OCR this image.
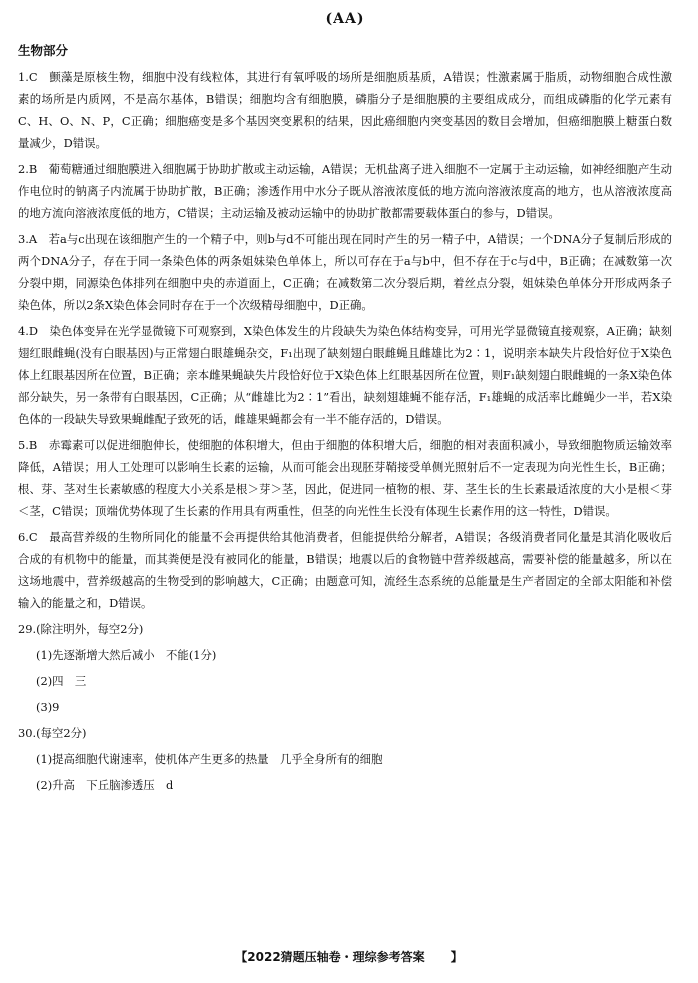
(AA)
生物部分
1.C　 颤藻是原核生物，细胞中没有线粒体，其进行有氧呼吸的场所是细胞质基质，A错误；性激素属于脂质，动物细胞合成性激素的场所是内质网，不是高尔基体，B错误；细胞均含有细胞膜，磷脂分子是细胞膜的主要组成成分，而组成磷脂的化学元素有C、H、O、N、P，C正确；细胞癌变是多个基因突变累积的结果，因此癌细胞内突变基因的数目会增加，但癌细胞膜上糖蛋白数量减少，D错误。
2.B　 葡萄糖通过细胞膜进入细胞属于协助扩散或主动运输，A错误；无机盐离子进入细胞不一定属于主动运输，如神经细胞产生动作电位时的钠离子内流属于协助扩散，B正确；渗透作用中水分子既从溶液浓度低的地方流向溶液浓度高的地方，也从溶液浓度高的地方流向溶液浓度低的地方，C错误；主动运输及被动运输中的协助扩散都需要载体蛋白的参与，D错误。
3.A　 若a与c出现在该细胞产生的一个精子中，则b与d不可能出现在同时产生的另一精子中，A错误；一个DNA分子复制后形成的两个DNA分子，存在于同一条染色体的两条姐妹染色单体上，所以可存在于a与b中，但不存在于c与d中，B正确；在减数第一次分裂中期，同源染色体排列在细胞中央的赤道面上，C正确；在减数第二次分裂后期，着丝点分裂，姐妹染色单体分开形成两条子染色体，所以2条X染色体会同时存在于一个次级精母细胞中，D正确。
4.D　 染色体变异在光学显微镜下可观察到，X染色体发生的片段缺失为染色体结构变异，可用光学显微镜直接观察，A正确；缺刻翅红眼雌蝇(没有白眼基因)与正常翅白眼雄蝇杂交，F₁出现了缺刻翅白眼雌蝇且雌雄比为2∶1，说明亲本缺失片段恰好位于X染色体上红眼基因所在位置，B正确；亲本雌果蝇缺失片段恰好位于X染色体上红眼基因所在位置，则F₁缺刻翅白眼雌蝇的一条X染色体部分缺失，另一条带有白眼基因，C正确；从“雌雄比为2∶1”看出，缺刻翅雄蝇不能存活，F₁雄蝇的成活率比雌蝇少一半，若X染色体的一段缺失导致果蝇雌配子致死的话，雌雄果蝇都会有一半不能存活的，D错误。
5.B　 赤霉素可以促进细胞伸长，使细胞的体积增大，但由于细胞的体积增大后，细胞的相对表面积减小，导致细胞物质运输效率降低，A错误；用人工处理可以影响生长素的运输，从而可能会出现胚芽鞘接受单侧光照射后不一定表现为向光性生长，B正确；根、芽、茎对生长素敏感的程度大小关系是根＞芽＞茎，因此，促进同一植物的根、芽、茎生长的生长素最适浓度的大小是根＜芽＜茎，C错误；顶端优势体现了生长素的作用具有两重性，但茎的向光性生长没有体现生长素作用的这一特性，D错误。
6.C　 最高营养级的生物所同化的能量不会再提供给其他消费者，但能提供给分解者，A错误；各级消费者同化量是其消化吸收后合成的有机物中的能量，而其粪便是没有被同化的能量，B错误；地震以后的食物链中营养级越高，需要补偿的能量越多，所以在这场地震中，营养级越高的生物受到的影响越大，C正确；由题意可知，流经生态系统的总能量是生产者固定的全部太阳能和补偿输入的能量之和，D错误。
29.(除注明外，每空2分)
(1)先逐渐增大然后减小　不能(1分)
(2)四　三
(3)9
30.(每空2分)
(1)提高细胞代谢速率，使机体产生更多的热量　几乎全身所有的细胞
(2)升高　下丘脑渗透压　d
【2022猜题压轴卷・理综参考答案 】
